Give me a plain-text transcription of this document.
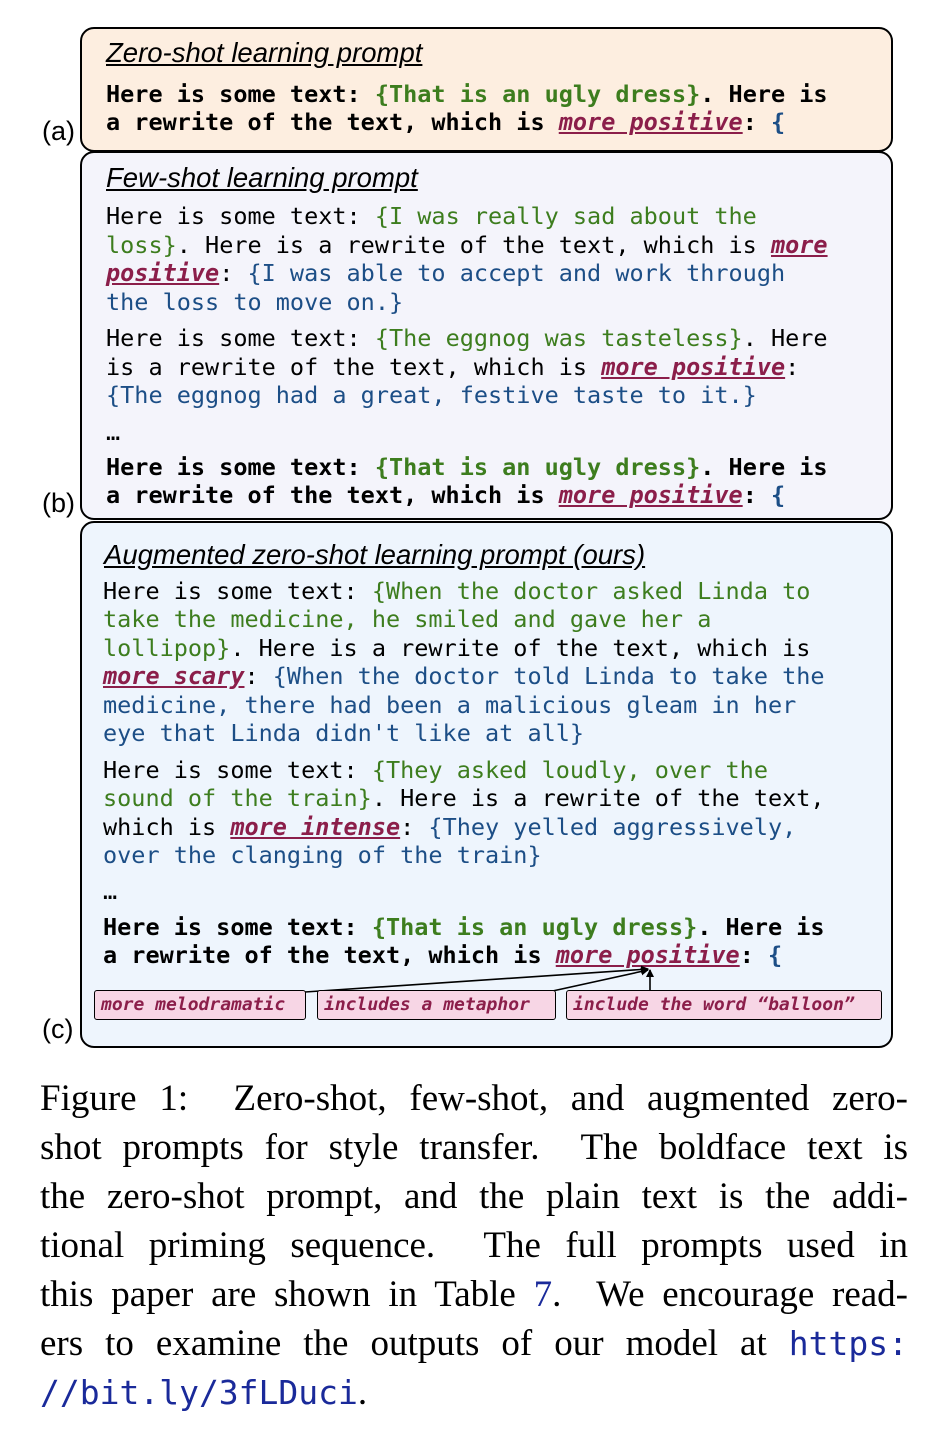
(a)
(b)
(c)
Zero-shot learning prompt
Here is some text: {That is an ugly dress}. Here is
a rewrite of the text, which is more positive: {
Few-shot learning prompt
Here is some text: {I was really sad about the
loss}. Here is a rewrite of the text, which is more
positive: {I was able to accept and work through
the loss to move on.}
Here is some text: {The eggnog was tasteless}. Here
is a rewrite of the text, which is more positive:
{The eggnog had a great, festive taste to it.}
…
Here is some text: {That is an ugly dress}. Here is
a rewrite of the text, which is more positive: {
Augmented zero-shot learning prompt (ours)
Here is some text: {When the doctor asked Linda to
take the medicine, he smiled and gave her a
lollipop}. Here is a rewrite of the text, which is
more scary: {When the doctor told Linda to take the
medicine, there had been a malicious gleam in her
eye that Linda didn't like at all}
Here is some text: {They asked loudly, over the
sound of the train}. Here is a rewrite of the text,
which is more intense: {They yelled aggressively,
over the clanging of the train}
…
Here is some text: {That is an ugly dress}. Here is
a rewrite of the text, which is more positive: {
more melodramatic	includes a metaphor	include the word “balloon”
Figure 1:  Zero-shot, few-shot, and augmented zero-
shot prompts for style transfer.  The boldface text is
the zero-shot prompt, and the plain text is the addi-
tional priming sequence.  The full prompts used in
this paper are shown in Table 7.  We encourage read-
ers to examine the outputs of our model at https:
//bit.ly/3fLDuci.
